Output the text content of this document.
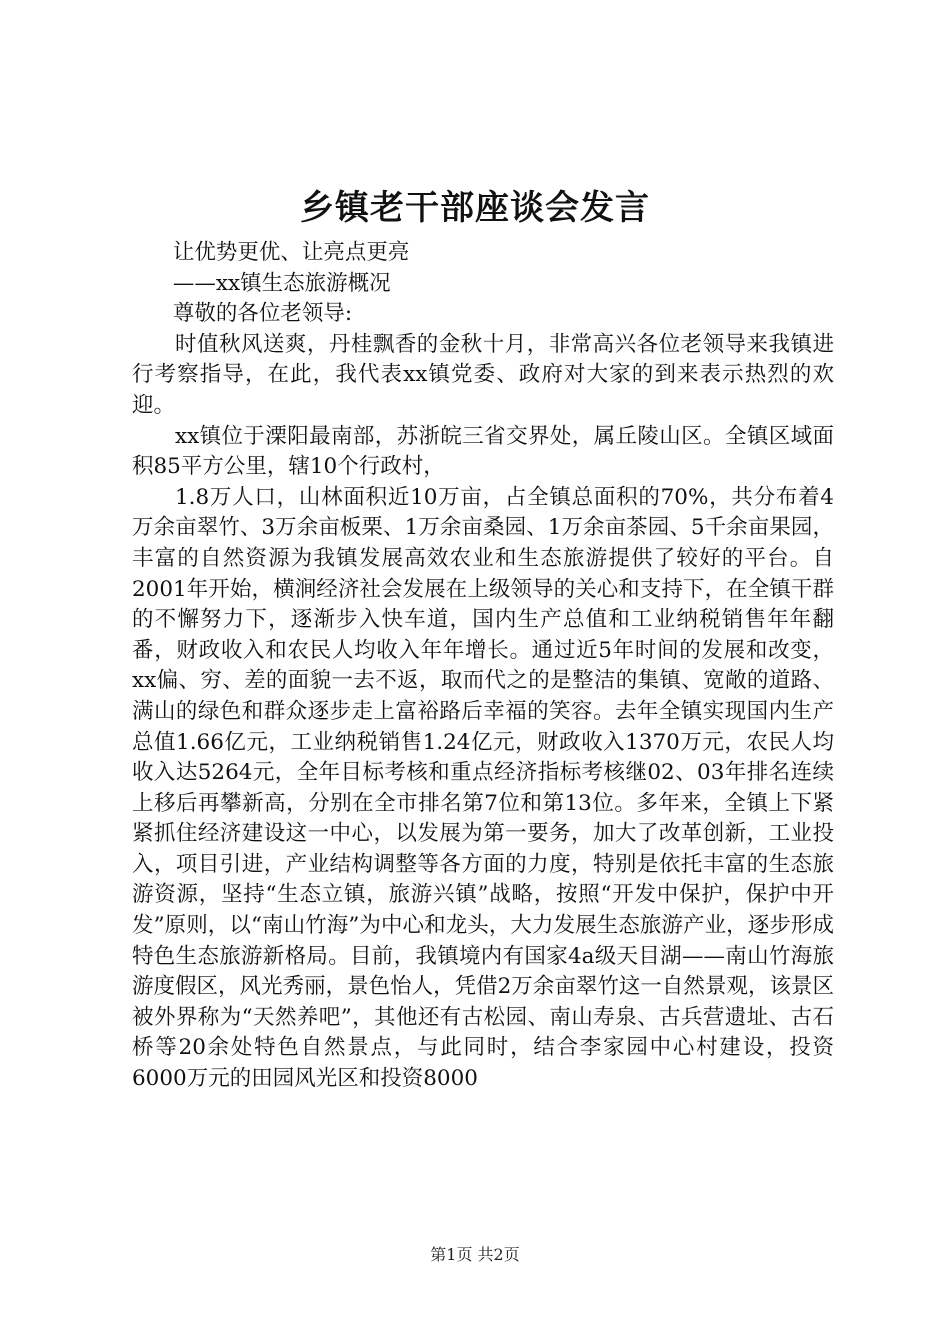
乡镇老干部座谈会发言

让优势更优、让亮点更亮

——xx镇生态旅游概况

尊敬的各位老领导:

时值秋风送爽，丹桂飘香的金秋十月，非常高兴各位老领导来我镇进行考察指导，在此，我代表xx镇党委、政府对大家的到来表示热烈的欢迎。

xx镇位于溧阳最南部，苏浙皖三省交界处，属丘陵山区。全镇区域面积85平方公里，辖10个行政村，

1.8万人口，山林面积近10万亩，占全镇总面积的70%，共分布着4万余亩翠竹、3万余亩板栗、1万余亩桑园、1万余亩茶园、5千余亩果园，丰富的自然资源为我镇发展高效农业和生态旅游提供了较好的平台。自2001年开始，横涧经济社会发展在上级领导的关心和支持下，在全镇干群的不懈努力下，逐渐步入快车道，国内生产总值和工业纳税销售年年翻番，财政收入和农民人均收入年年增长。通过近5年时间的发展和改变，xx偏、穷、差的面貌一去不返，取而代之的是整洁的集镇、宽敞的道路、满山的绿色和群众逐步走上富裕路后幸福的笑容。去年全镇实现国内生产总值1.66亿元，工业纳税销售1.24亿元，财政收入1370万元，农民人均收入达5264元，全年目标考核和重点经济指标考核继02、03年排名连续上移后再攀新高，分别在全市排名第7位和第13位。多年来，全镇上下紧紧抓住经济建设这一中心，以发展为第一要务，加大了改革创新，工业投入，项目引进，产业结构调整等各方面的力度，特别是依托丰富的生态旅游资源，坚持“生态立镇，旅游兴镇”战略，按照“开发中保护，保护中开发”原则，以“南山竹海”为中心和龙头，大力发展生态旅游产业，逐步形成特色生态旅游新格局。目前，我镇境内有国家4a级天目湖——南山竹海旅游度假区，风光秀丽，景色怡人，凭借2万余亩翠竹这一自然景观，该景区被外界称为“天然养吧”，其他还有古松园、南山寿泉、古兵营遗址、古石桥等20余处特色自然景点，与此同时，结合李家园中心村建设，投资6000万元的田园风光区和投资8000

第1页 共2页
